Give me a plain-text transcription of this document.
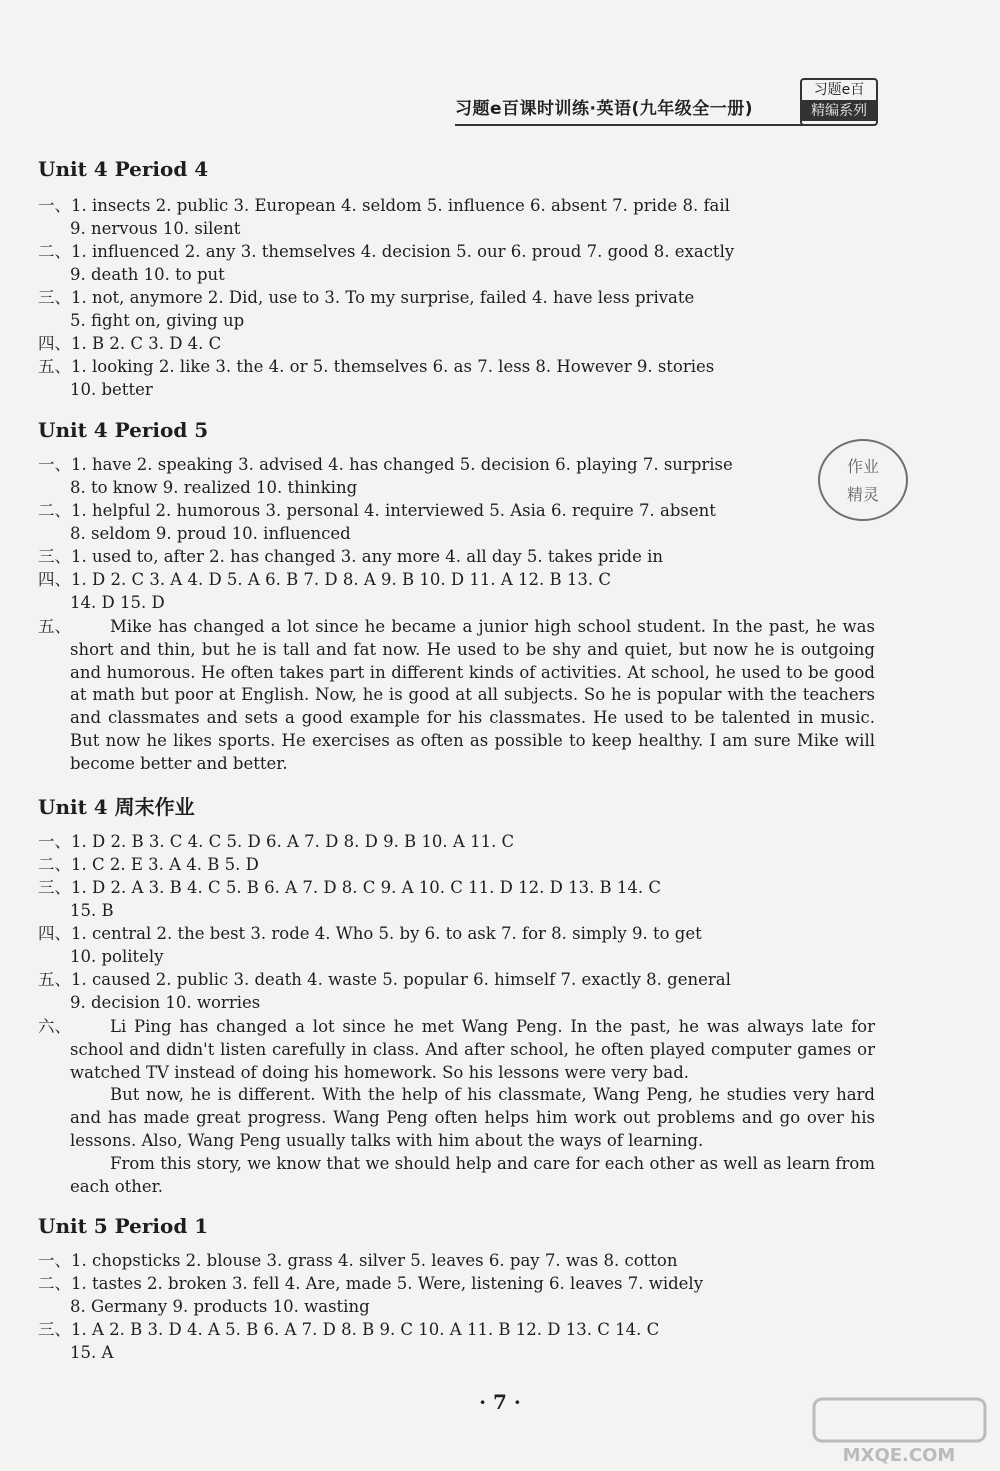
习题e百课时训练·英语(九年级全一册)
习题e百
精编系列
Unit 4 Period 4
一、1. insects 2. public 3. European 4. seldom 5. influence 6. absent 7. pride 8. fail
9. nervous 10. silent
二、1. influenced 2. any 3. themselves 4. decision 5. our 6. proud 7. good 8. exactly
9. death 10. to put
三、1. not, anymore 2. Did, use to 3. To my surprise, failed 4. have less private
5. fight on, giving up
四、1. B 2. C 3. D 4. C
五、1. looking 2. like 3. the 4. or 5. themselves 6. as 7. less 8. However 9. stories
10. better
Unit 4 Period 5
一、1. have 2. speaking 3. advised 4. has changed 5. decision 6. playing 7. surprise
8. to know 9. realized 10. thinking
二、1. helpful 2. humorous 3. personal 4. interviewed 5. Asia 6. require 7. absent
8. seldom 9. proud 10. influenced
三、1. used to, after 2. has changed 3. any more 4. all day 5. takes pride in
四、1. D 2. C 3. A 4. D 5. A 6. B 7. D 8. A 9. B 10. D 11. A 12. B 13. C
14. D 15. D
五、	Mike has changed a lot since he became a junior high school student. In the past, he was short and thin, but he is tall and fat now. He used to be shy and quiet, but now he is outgoing and humorous. He often takes part in different kinds of activities. At school, he used to be good at math but poor at English. Now, he is good at all subjects. So he is popular with the teachers and classmates and sets a good example for his classmates. He used to be talented in music. But now he likes sports. He exercises as often as possible to keep healthy. I am sure Mike will become better and better.

Unit 4 周末作业
一、1. D 2. B 3. C 4. C 5. D 6. A 7. D 8. D 9. B 10. A 11. C
二、1. C 2. E 3. A 4. B 5. D
三、1. D 2. A 3. B 4. C 5. B 6. A 7. D 8. C 9. A 10. C 11. D 12. D 13. B 14. C
15. B
四、1. central 2. the best 3. rode 4. Who 5. by 6. to ask 7. for 8. simply 9. to get
10. politely
五、1. caused 2. public 3. death 4. waste 5. popular 6. himself 7. exactly 8. general
9. decision 10. worries
六、	Li Ping has changed a lot since he met Wang Peng. In the past, he was always late for school and didn't listen carefully in class. And after school, he often played computer games or watched TV instead of doing his homework. So his lessons were very bad.

But now, he is different. With the help of his classmate, Wang Peng, he studies very hard and has made great progress. Wang Peng often helps him work out problems and go over his lessons. Also, Wang Peng usually talks with him about the ways of learning.

From this story, we know that we should help and care for each other as well as learn from each other.

Unit 5 Period 1
一、1. chopsticks 2. blouse 3. grass 4. silver 5. leaves 6. pay 7. was 8. cotton
二、1. tastes 2. broken 3. fell 4. Are, made 5. Were, listening 6. leaves 7. widely
8. Germany 9. products 10. wasting
三、1. A 2. B 3. D 4. A 5. B 6. A 7. D 8. B 9. C 10. A 11. B 12. D 13. C 14. C
15. A
作业
精灵
· 7 ·
MXQE.COM
